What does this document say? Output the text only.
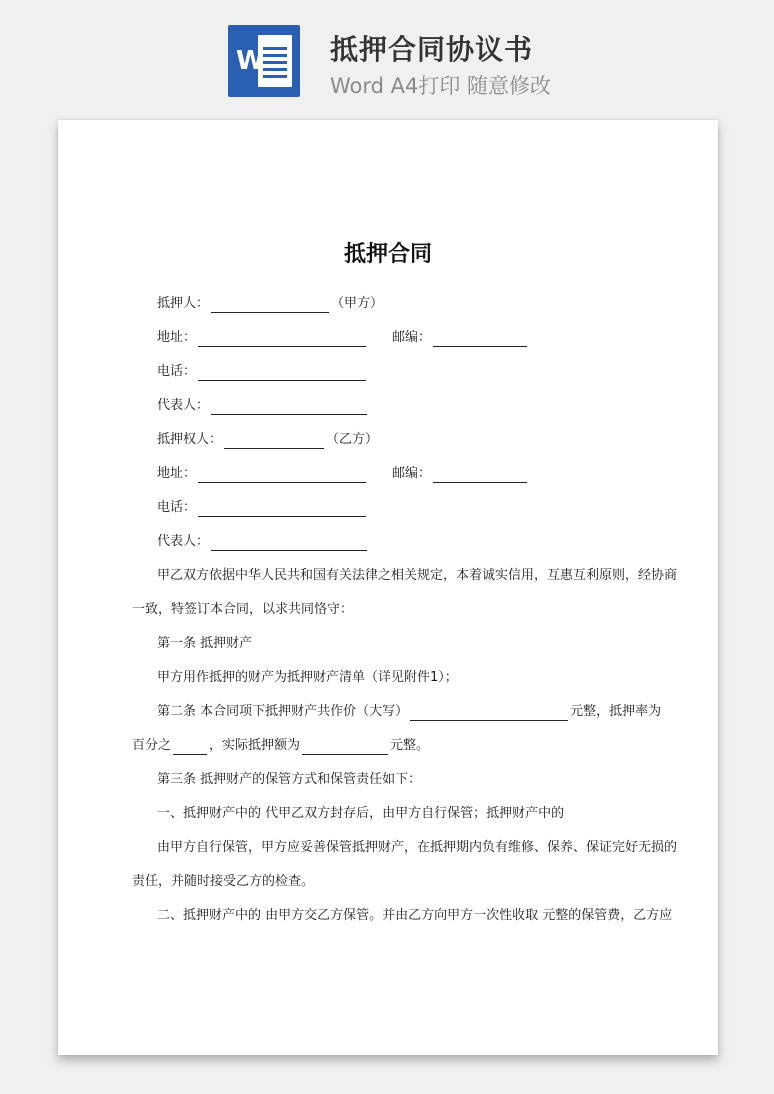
W 抵押合同协议书
Word A4打印 随意修改
​
抵押合同
抵押人：	（甲方）
地址：	邮编：
电话：
代表人：
抵押权人：	（乙方）
地址：	邮编：
电话：
代表人：
甲乙双方依据中华人民共和国有关法律之相关规定，本着诚实信用，互惠互利原则，经协商
一致，特签订本合同，以求共同恪守：
第一条 抵押财产
甲方用作抵押的财产为抵押财产清单（详见附件1）；
第二条 本合同项下抵押财产共作价（大写）	元整，抵押率为
百分之	，实际抵押额为	元整。
第三条 抵押财产的保管方式和保管责任如下：
一、抵押财产中的 代甲乙双方封存后，由甲方自行保管；抵押财产中的
由甲方自行保管，甲方应妥善保管抵押财产，在抵押期内负有维修、保养、保证完好无损的
责任，并随时接受乙方的检查。
二、抵押财产中的 由甲方交乙方保管。并由乙方向甲方一次性收取 元整的保管费，乙方应
